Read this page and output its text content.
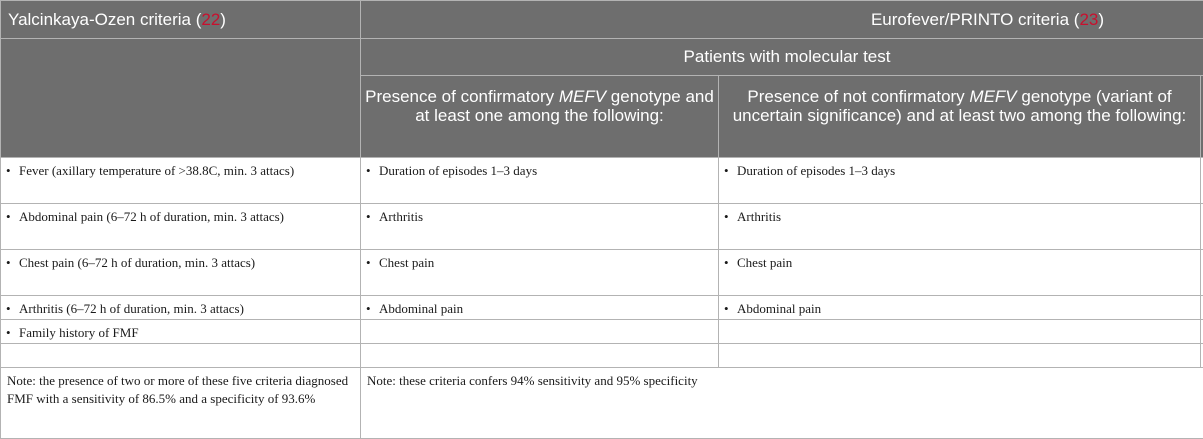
Yalcinkaya-Ozen criteria (22)	Eurofever/PRINTO criteria (23)		
	Patients with molecular test		
	Presence of confirmatory MEFV genotype and at least one among the following:	Presence of not confirmatory MEFV genotype (variant of uncertain significance) and at least two among the following:	
• Fever (axillary temperature of >38.8C, min. 3 attacs)	• Duration of episodes 1–3 days	• Duration of episodes 1–3 days	
• Abdominal pain (6–72 h of duration, min. 3 attacs)	• Arthritis	• Arthritis	
• Chest pain (6–72 h of duration, min. 3 attacs)	• Chest pain	• Chest pain	
• Arthritis (6–72 h of duration, min. 3 attacs)	• Abdominal pain	• Abdominal pain	
• Family history of FMF			

Note: the presence of two or more of these five criteria diagnosed FMF with a sensitivity of 86.5% and a specificity of 93.6%	Note: these criteria confers 94% sensitivity and 95% specificity		
